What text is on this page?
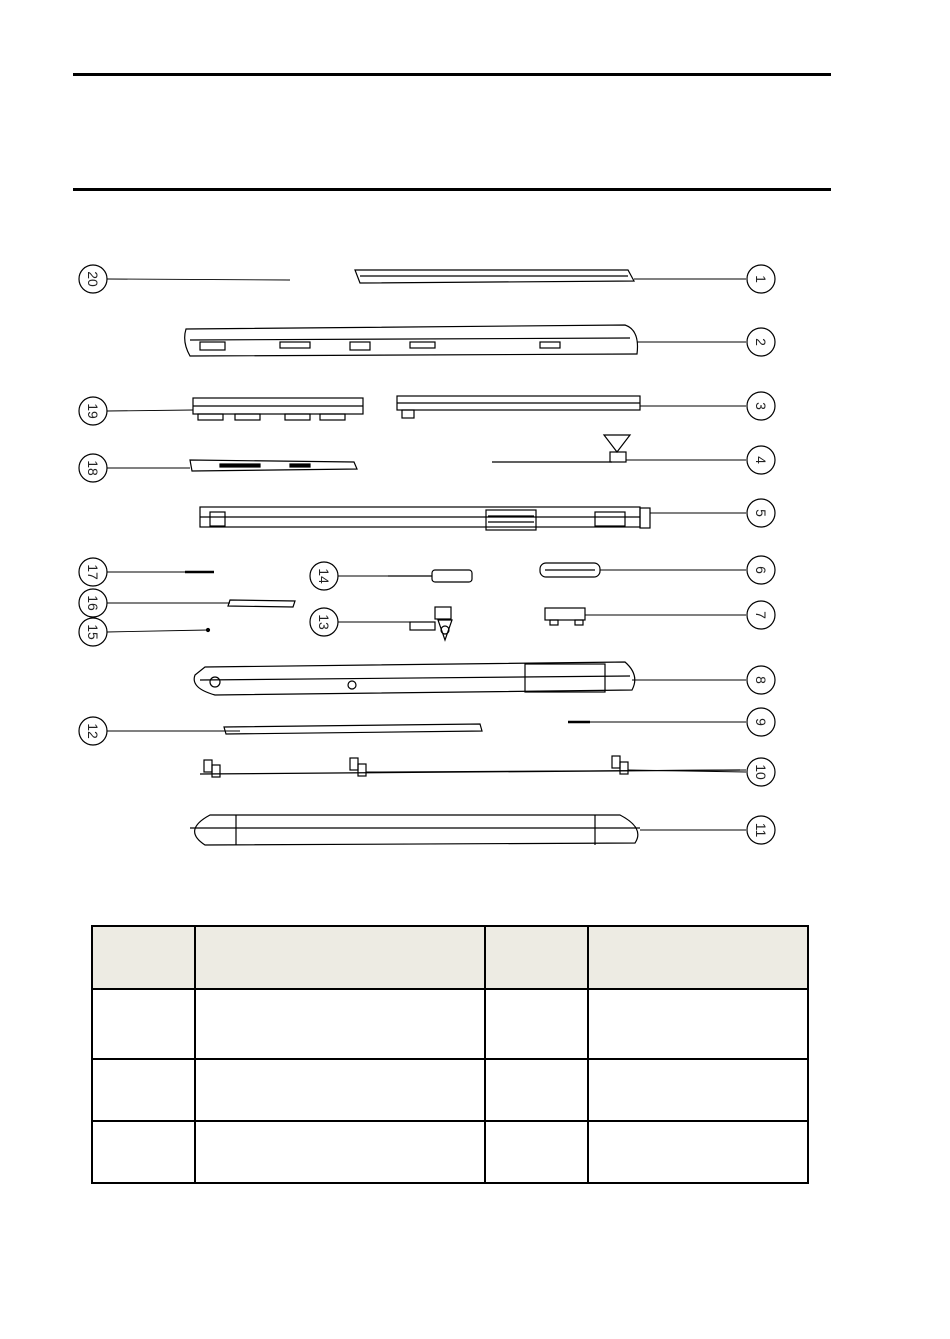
20
19
18
17
16
15
12
14
13
1
2
3
4
5
6
7
8
9
10
11
